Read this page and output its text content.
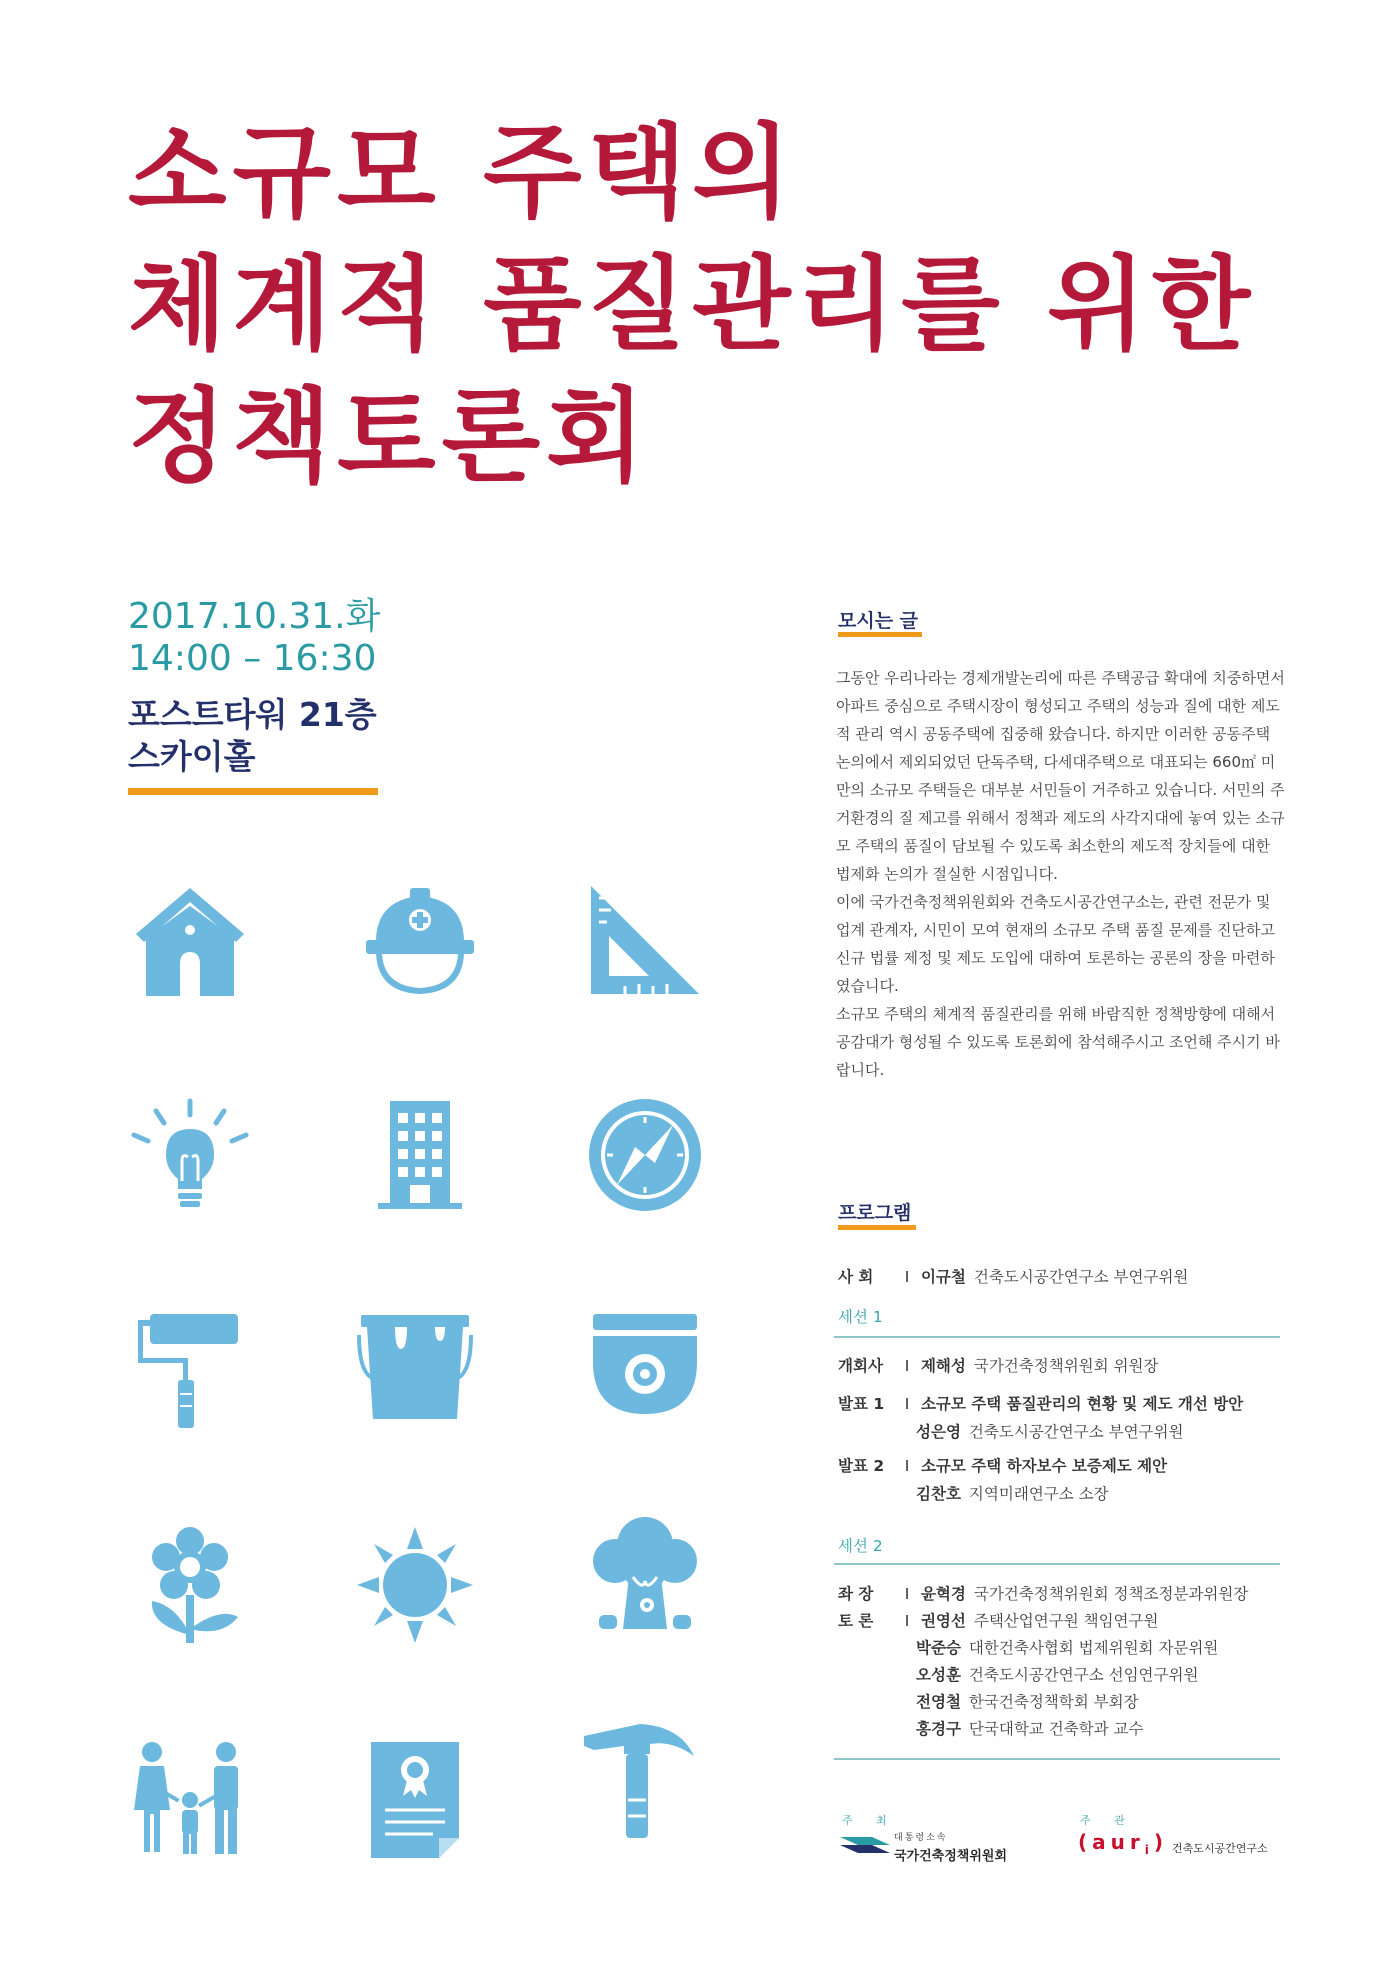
소규모 주택의
체계적 품질관리를 위한
정책토론회
2017.10.31.화
14:00 – 16:30
포스트타워 21층
스카이홀
모시는 글

그동안 우리나라는 경제개발논리에 따른 주택공급 확대에 치중하면서 아파트 중심으로 주택시장이 형성되고 주택의 성능과 질에 대한 제도적 관리 역시 공동주택에 집중해 왔습니다. 하지만 이러한 공동주택 논의에서 제외되었던 단독주택, 다세대주택으로 대표되는 660㎡ 미만의 소규모 주택들은 대부분 서민들이 거주하고 있습니다. 서민의 주거환경의 질 제고를 위해서 정책과 제도의 사각지대에 놓여 있는 소규모 주택의 품질이 담보될 수 있도록 최소한의 제도적 장치들에 대한 법제화 논의가 절실한 시점입니다.

이에 국가건축정책위원회와 건축도시공간연구소는, 관련 전문가 및 업계 관계자, 시민이 모여 현재의 소규모 주택 품질 문제를 진단하고 신규 법률 제정 및 제도 도입에 대하여 토론하는 공론의 장을 마련하였습니다.

소규모 주택의 체계적 품질관리를 위해 바람직한 정책방향에 대해서 공감대가 형성될 수 있도록 토론회에 참석해주시고 조언해 주시기 바랍니다.

프로그램
사 회 I 이규철 건축도시공간연구소 부연구위원
세션 1
개회사 I 제해성 국가건축정책위원회 위원장
발표 1 I 소규모 주택 품질관리의 현황 및 제도 개선 방안
성은영 건축도시공간연구소 부연구위원
발표 2 I 소규모 주택 하자보수 보증제도 제안
김찬호 지역미래연구소 소장
세션 2
좌 장 I 윤혁경 국가건축정책위원회 정책조정분과위원장
토 론 I 권영선 주택산업연구원 책임연구원
박준승 대한건축사협회 법제위원회 자문위원
오성훈 건축도시공간연구소 선임연구위원
전영철 한국건축정책학회 부회장
홍경구 단국대학교 건축학과 교수
주 최
대통령소속
국가건축정책위원회
주 관
(aur$_i$) 건축도시공간연구소
